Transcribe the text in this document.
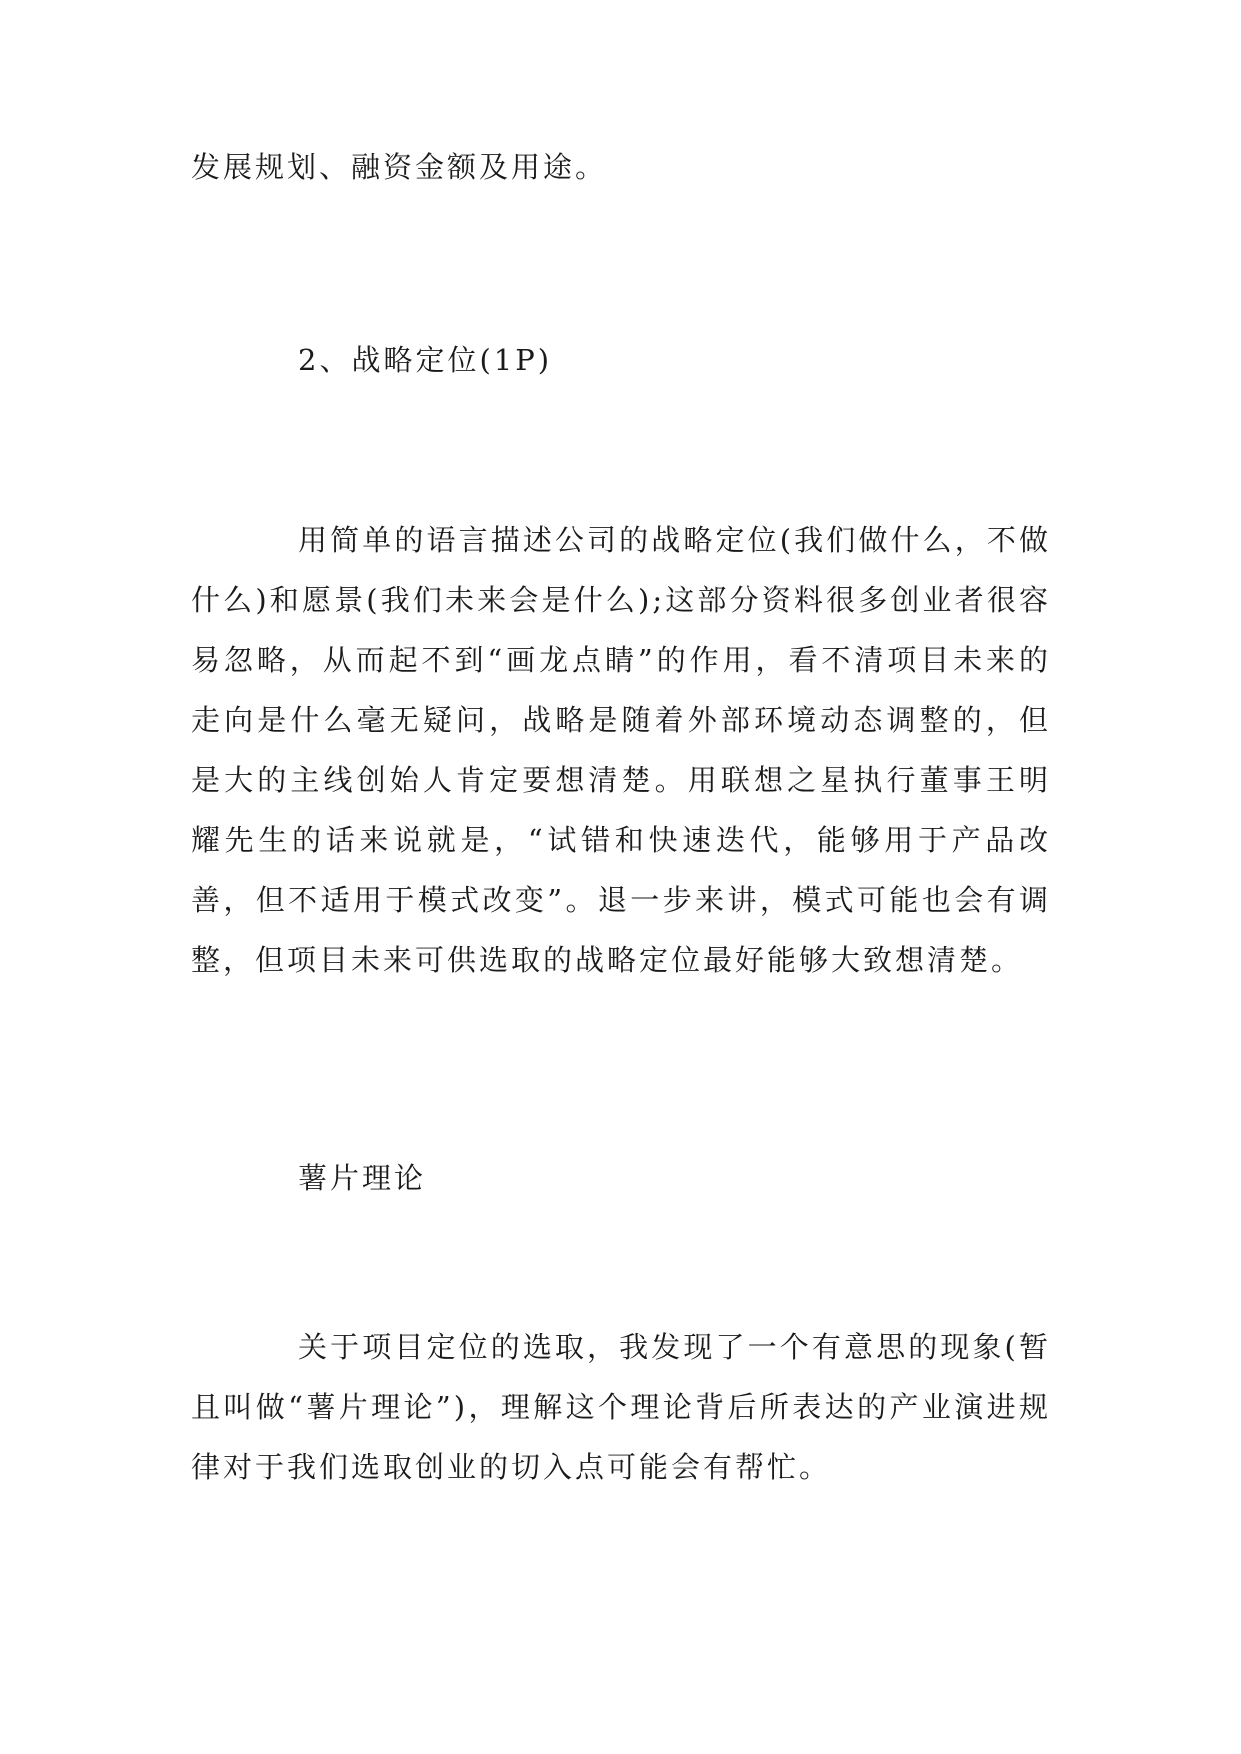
发展规划、融资金额及用途。

2、战略定位(1P)

用简单的语言描述公司的战略定位(我们做什么，不做什么)和愿景(我们未来会是什么);这部分资料很多创业者很容易忽略，从而起不到“画龙点睛”的作用，看不清项目未来的走向是什么毫无疑问，战略是随着外部环境动态调整的，但是大的主线创始人肯定要想清楚。用联想之星执行董事王明耀先生的话来说就是，“试错和快速迭代，能够用于产品改善，但不适用于模式改变”。退一步来讲，模式可能也会有调整，但项目未来可供选取的战略定位最好能够大致想清楚。

薯片理论

关于项目定位的选取，我发现了一个有意思的现象(暂且叫做“薯片理论”)，理解这个理论背后所表达的产业演进规律对于我们选取创业的切入点可能会有帮忙。
